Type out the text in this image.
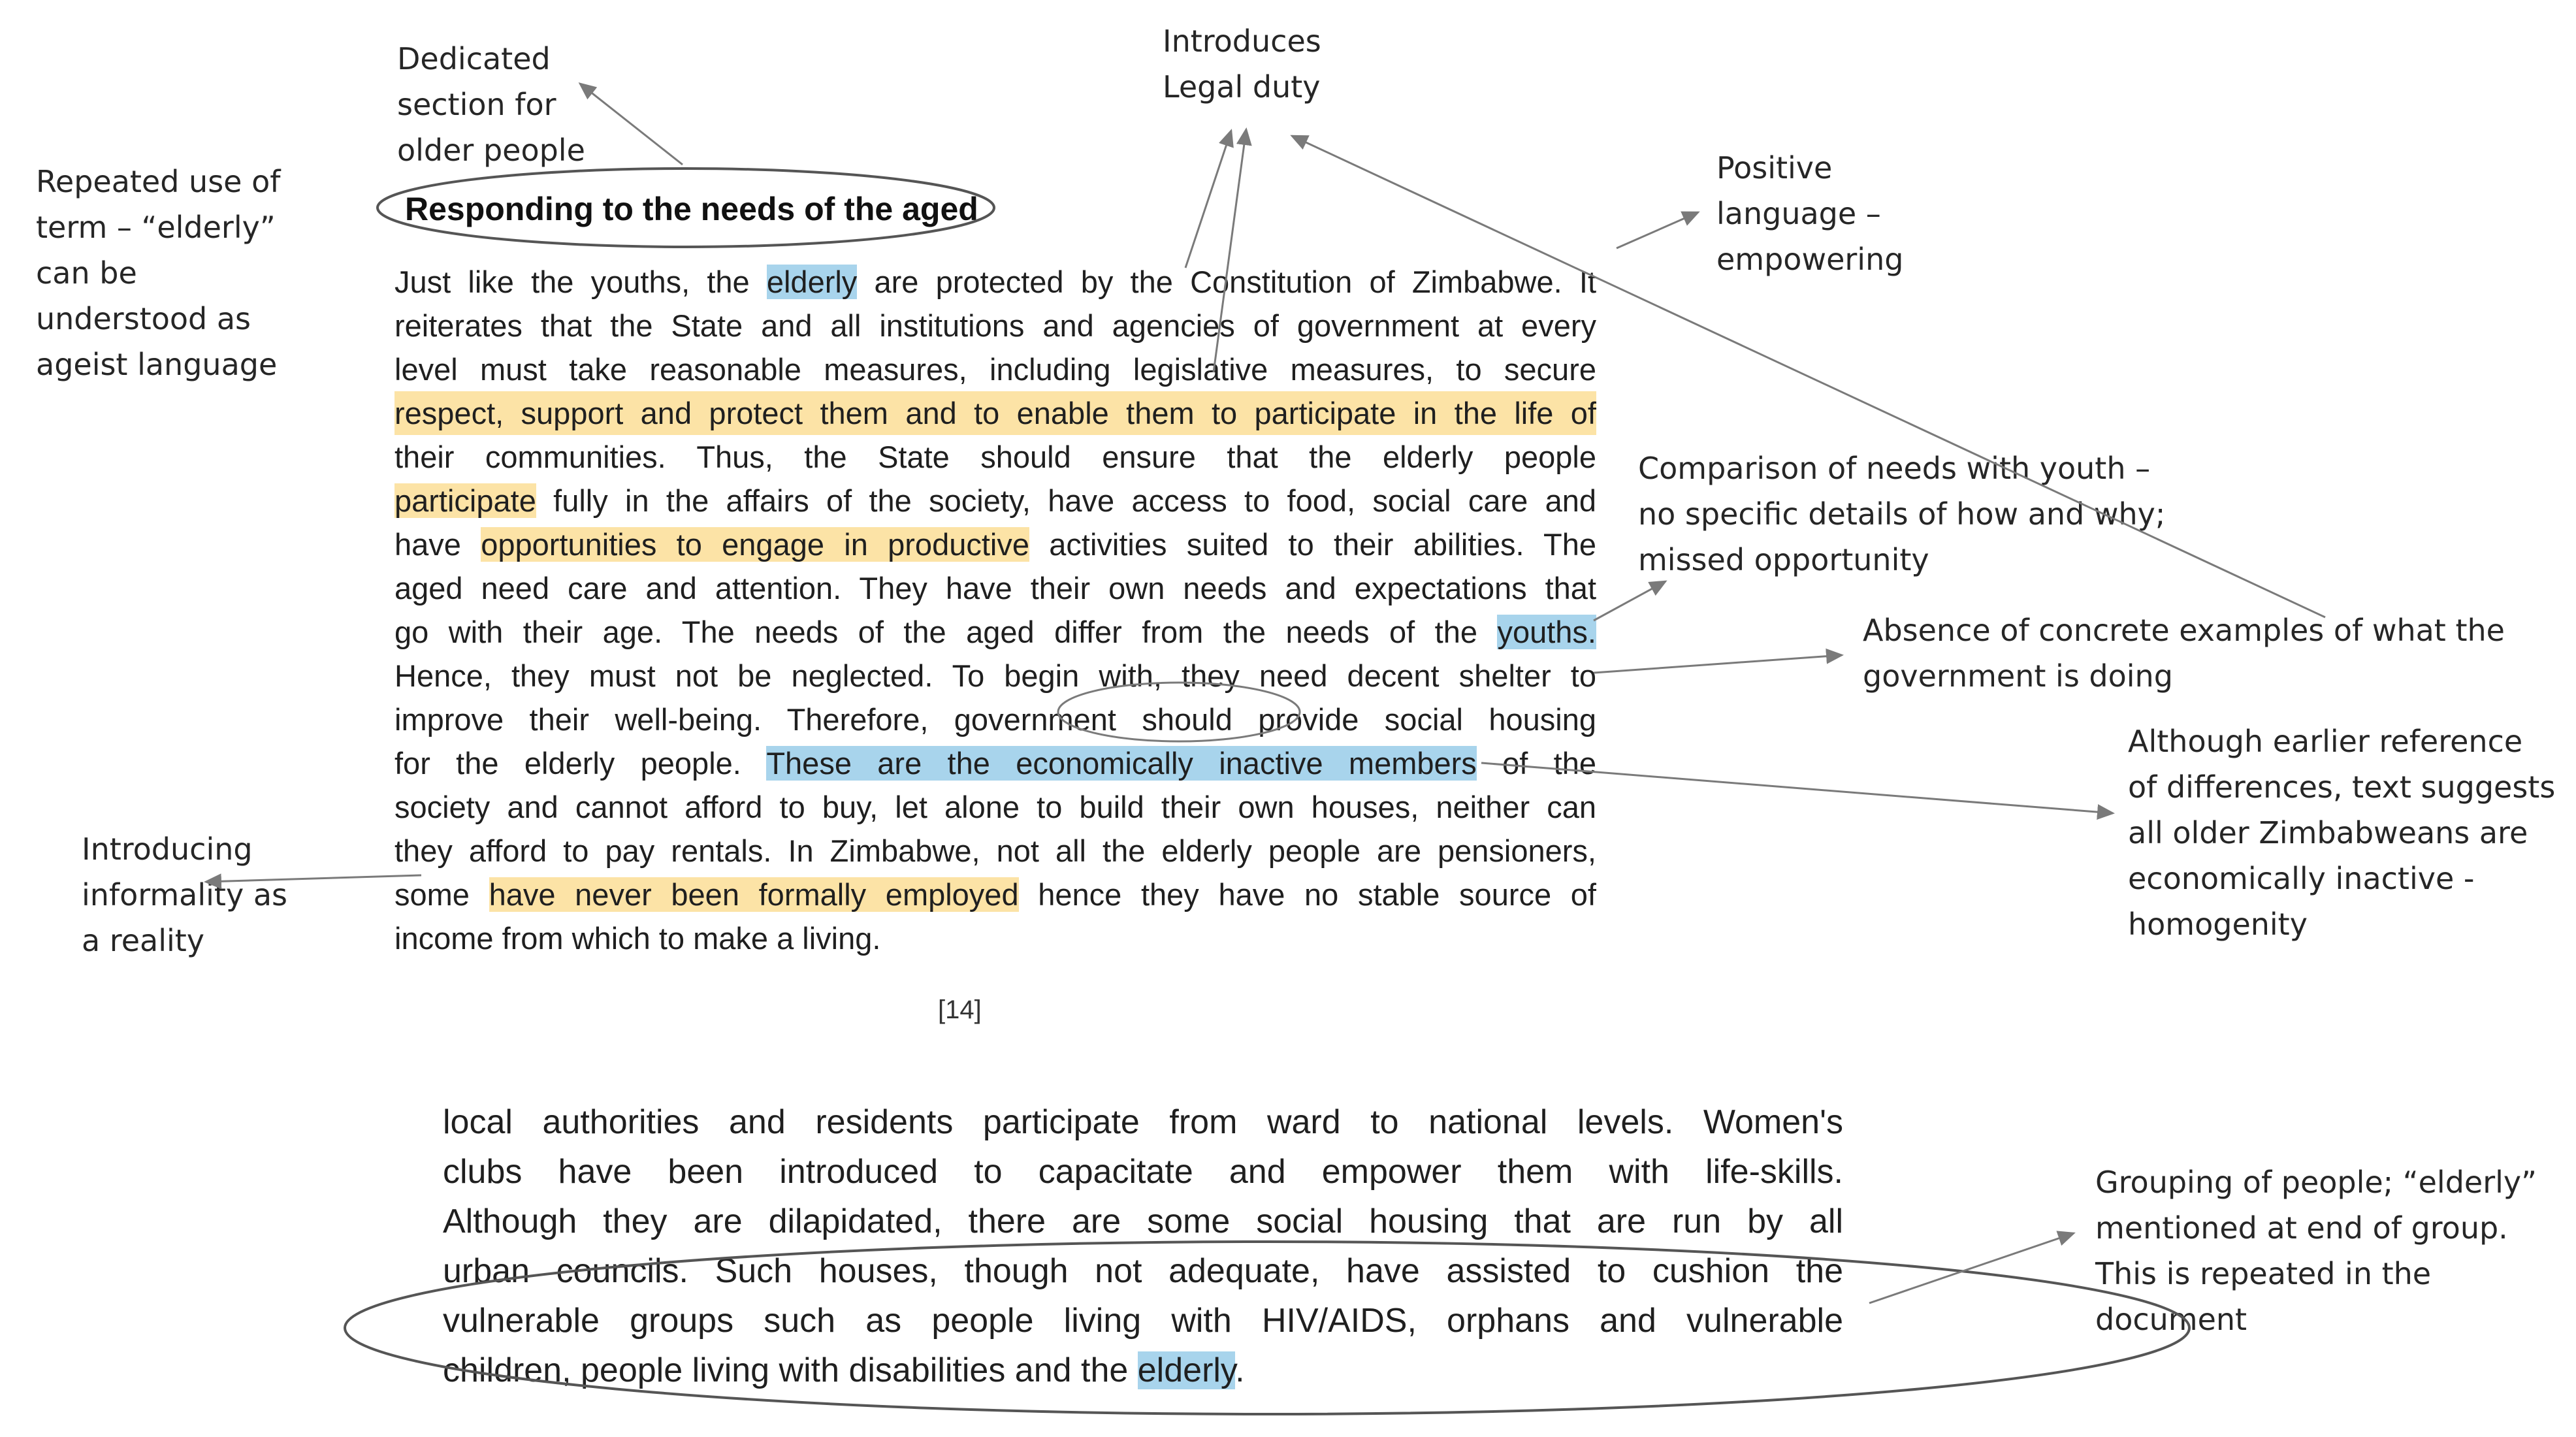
Dedicated
section for
older people
Introduces
Legal duty
Repeated use of
term – “elderly”
can be
understood as
ageist language
Positive
language –
empowering
Comparison of needs with youth –
no specific details of how and why;
missed opportunity
Absence of concrete examples of what the
government is doing
Although earlier reference
of differences, text suggests
all older Zimbabweans are
economically inactive -
homogenity
Introducing
informality as
a reality
Grouping of people; “elderly”
mentioned at end of group.
This is repeated in the
document
Responding to the needs of the aged
Just like the youths, the elderly are protected by the Constitution of Zimbabwe. It
reiterates that the State and all institutions and agencies of government at every
level must take reasonable measures, including legislative measures, to secure
respect, support and protect them and to enable them to participate in the life of
their communities. Thus, the State should ensure that the elderly people
participate fully in the affairs of the society, have access to food, social care and
have opportunities to engage in productive activities suited to their abilities. The
aged need care and attention. They have their own needs and expectations that
go with their age. The needs of the aged differ from the needs of the youths.
Hence, they must not be neglected. To begin with, they need decent shelter to
improve their well-being. Therefore, government should provide social housing
for the elderly people. These are the economically inactive members of the
society and cannot afford to buy, let alone to build their own houses, neither can
they afford to pay rentals. In Zimbabwe, not all the elderly people are pensioners,
some have never been formally employed hence they have no stable source of
income from which to make a living.
[14]
local authorities and residents participate from ward to national levels. Women's
clubs have been introduced to capacitate and empower them with life-skills.
Although they are dilapidated, there are some social housing that are run by all
urban councils. Such houses, though not adequate, have assisted to cushion the
vulnerable groups such as people living with HIV/AIDS, orphans and vulnerable
children, people living with disabilities and the elderly.
